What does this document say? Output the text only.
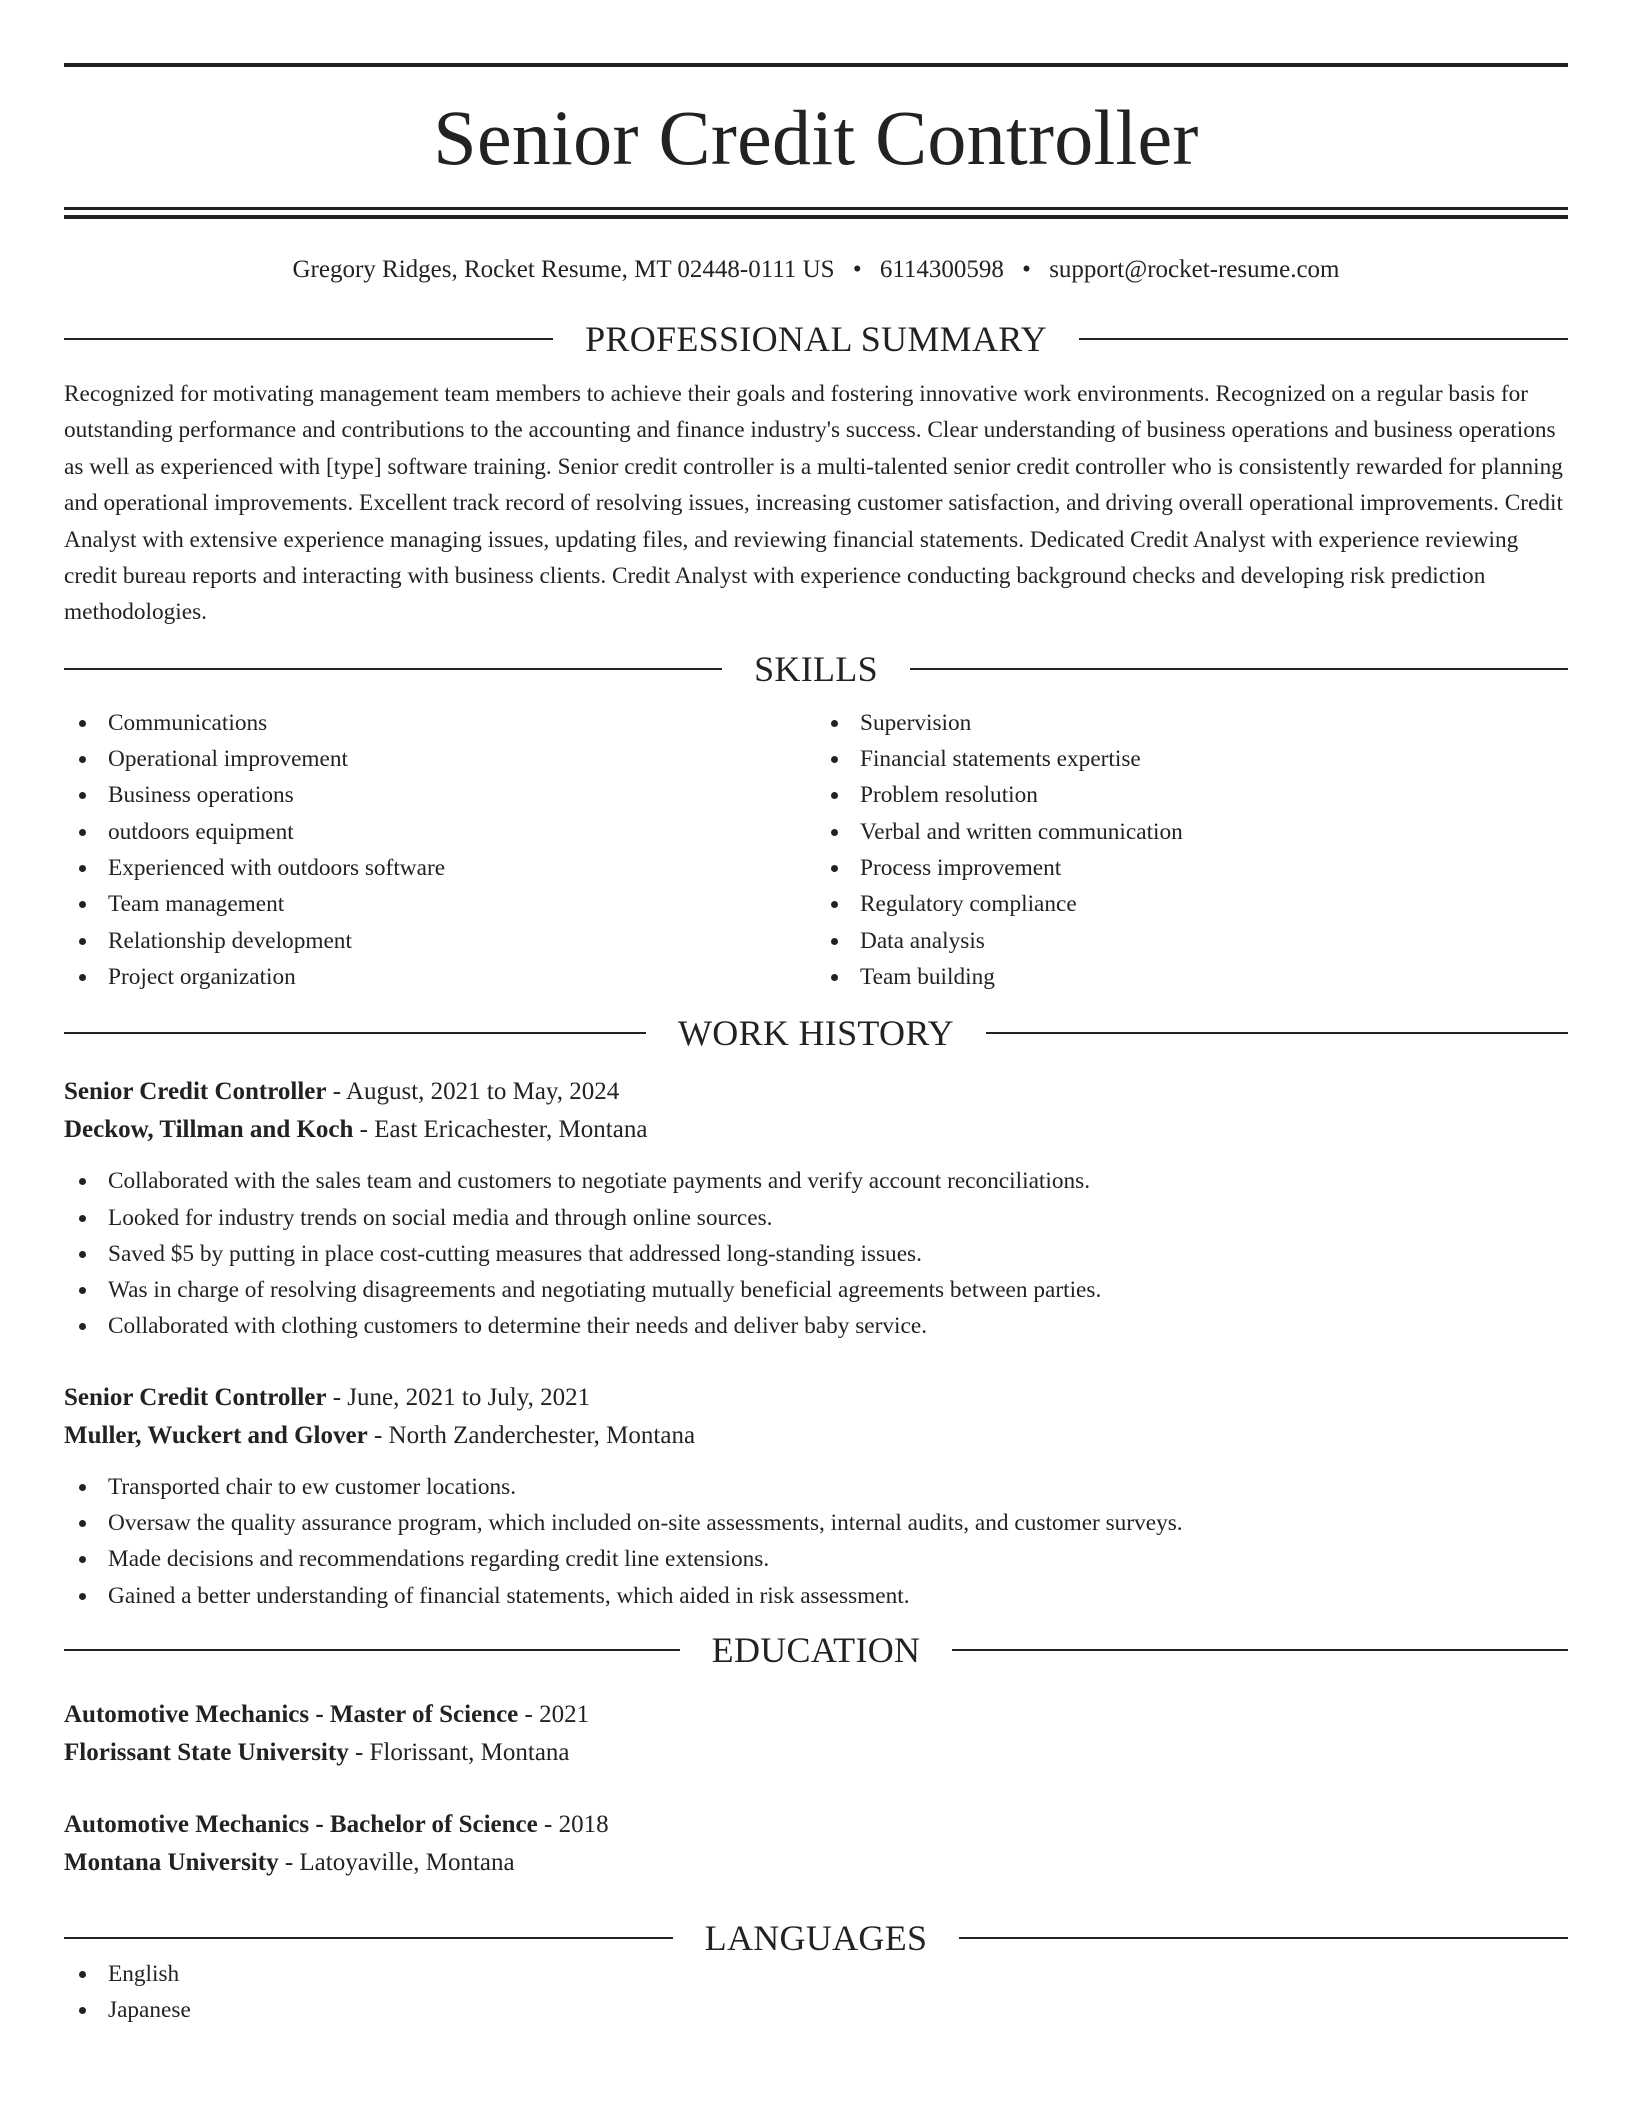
Senior Credit Controller
Gregory Ridges, Rocket Resume, MT 02448-0111 US • 6114300598 • support@rocket-resume.com
PROFESSIONAL SUMMARY
Recognized for motivating management team members to achieve their goals and fostering innovative work environments. Recognized on a regular basis for outstanding performance and contributions to the accounting and finance industry's success. Clear understanding of business operations and business operations as well as experienced with [type] software training. Senior credit controller is a multi-talented senior credit controller who is consistently rewarded for planning and operational improvements. Excellent track record of resolving issues, increasing customer satisfaction, and driving overall operational improvements. Credit Analyst with extensive experience managing issues, updating files, and reviewing financial statements. Dedicated Credit Analyst with experience reviewing credit bureau reports and interacting with business clients. Credit Analyst with experience conducting background checks and developing risk prediction methodologies.
SKILLS
Communications
Operational improvement
Business operations
outdoors equipment
Experienced with outdoors software
Team management
Relationship development
Project organization
Supervision
Financial statements expertise
Problem resolution
Verbal and written communication
Process improvement
Regulatory compliance
Data analysis
Team building
WORK HISTORY
Senior Credit Controller - August, 2021 to May, 2024
Deckow, Tillman and Koch - East Ericachester, Montana
Collaborated with the sales team and customers to negotiate payments and verify account reconciliations.
Looked for industry trends on social media and through online sources.
Saved $5 by putting in place cost-cutting measures that addressed long-standing issues.
Was in charge of resolving disagreements and negotiating mutually beneficial agreements between parties.
Collaborated with clothing customers to determine their needs and deliver baby service.
Senior Credit Controller - June, 2021 to July, 2021
Muller, Wuckert and Glover - North Zanderchester, Montana
Transported chair to ew customer locations.
Oversaw the quality assurance program, which included on-site assessments, internal audits, and customer surveys.
Made decisions and recommendations regarding credit line extensions.
Gained a better understanding of financial statements, which aided in risk assessment.
EDUCATION
Automotive Mechanics - Master of Science - 2021
Florissant State University - Florissant, Montana
Automotive Mechanics - Bachelor of Science - 2018
Montana University - Latoyaville, Montana
LANGUAGES
English
Japanese
